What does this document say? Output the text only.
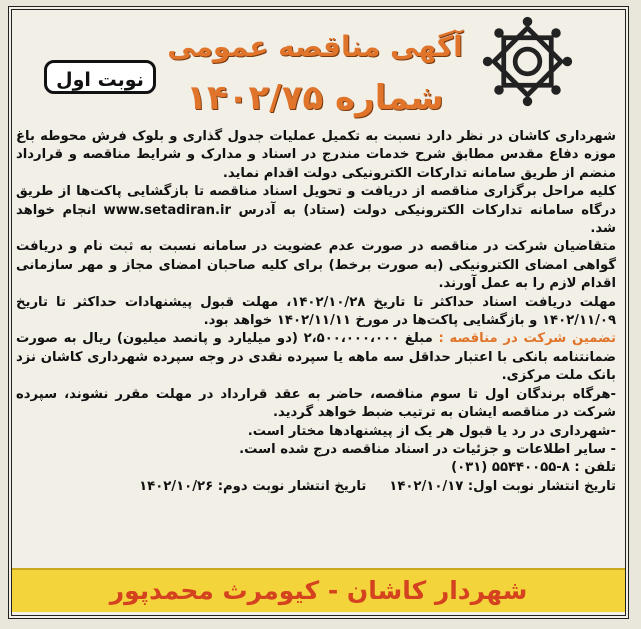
نوبت اول
آگهی مناقصه عمومی
شماره ۱۴۰۲/۷۵

شهرداری کاشان در نظر دارد نسبت به تکمیل عملیات جدول گذاری و بلوک فرش محوطه باغ موزه دفاع مقدس مطابق شرح خدمات مندرج در اسناد و مدارک و شرایط مناقصه و قرارداد منضم از طریق سامانه تدارکات الکترونیکی دولت اقدام نماید.

کلیه مراحل برگزاری مناقصه از دریافت و تحویل اسناد مناقصه تا بازگشایی پاکت‌ها از طریق درگاه سامانه تدارکات الکترونیکی دولت (ستاد) به آدرس www.setadiran.ir انجام خواهد شد.

متقاضیان شرکت در مناقصه در صورت عدم عضویت در سامانه نسبت به ثبت نام و دریافت گواهی امضای الکترونیکی (به صورت برخط) برای کلیه صاحبان امضای مجاز و مهر سازمانی اقدام لازم را به عمل آورند.

مهلت دریافت اسناد حداکثر تا تاریخ ۱۴۰۲/۱۰/۲۸، مهلت قبول پیشنهادات حداکثر تا تاریخ ۱۴۰۲/۱۱/۰۹ و بازگشایی پاکت‌ها در مورخ ۱۴۰۲/۱۱/۱۱ خواهد بود.

تضمین شرکت در مناقصه : مبلغ ۲،۵۰۰،۰۰۰،۰۰۰ (دو میلیارد و پانصد میلیون) ریال به صورت ضمانتنامه بانکی با اعتبار حداقل سه ماهه یا سپرده نقدی در وجه سپرده شهرداری کاشان نزد بانک ملت مرکزی.

-هرگاه برندگان اول تا سوم مناقصه، حاضر به عقد قرارداد در مهلت مقرر نشوند، سپرده شرکت در مناقصه ایشان به ترتیب ضبط خواهد گردید.

-شهرداری در رد یا قبول هر یک از پیشنهادها مختار است.

- سایر اطلاعات و جزئیات در اسناد مناقصه درج شده است.

تلفن : ۸-۵۵۴۴۰۰۵۵ (۰۳۱)

تاریخ انتشار نوبت اول: ۱۴۰۲/۱۰/۱۷     تاریخ انتشار نوبت دوم: ۱۴۰۲/۱۰/۲۶

شهردار کاشان - کیومرث محمدپور
